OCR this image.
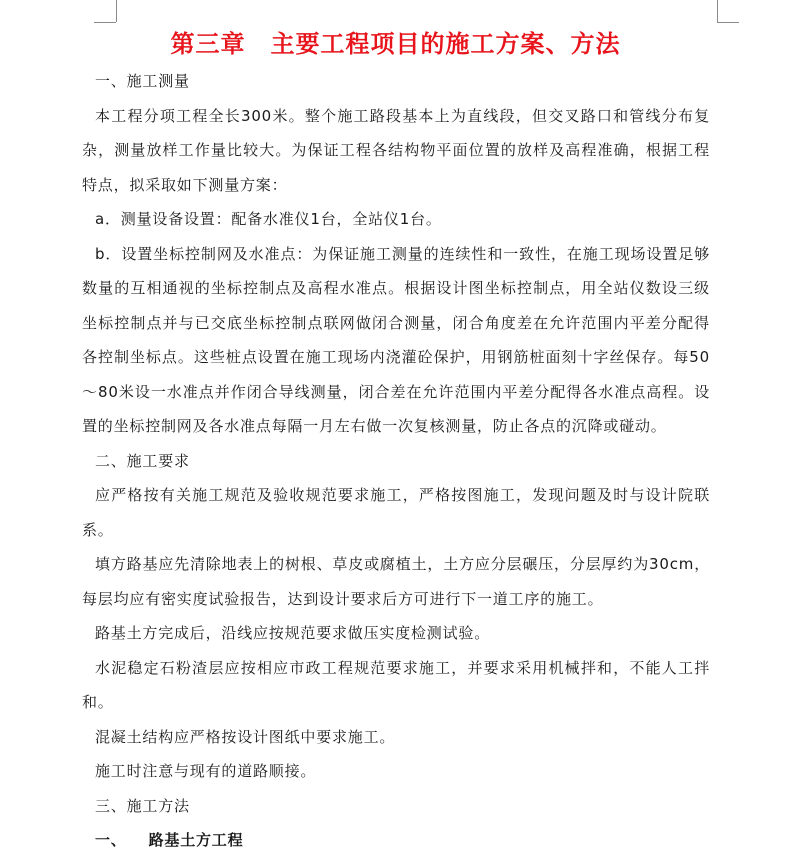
第三章　主要工程项目的施工方案、方法

一、施工测量

本工程分项工程全长300米。整个施工路段基本上为直线段，但交叉路口和管线分布复杂，测量放样工作量比较大。为保证工程各结构物平面位置的放样及高程准确，根据工程特点，拟采取如下测量方案：

a．测量设备设置：配备水准仪1台，全站仪1台。

b．设置坐标控制网及水准点：为保证施工测量的连续性和一致性，在施工现场设置足够数量的互相通视的坐标控制点及高程水准点。根据设计图坐标控制点，用全站仪数设三级坐标控制点并与已交底坐标控制点联网做闭合测量，闭合角度差在允许范围内平差分配得各控制坐标点。这些桩点设置在施工现场内浇灌砼保护，用钢筋桩面刻十字丝保存。每50～80米设一水准点并作闭合导线测量，闭合差在允许范围内平差分配得各水准点高程。设置的坐标控制网及各水准点每隔一月左右做一次复核测量，防止各点的沉降或碰动。

二、施工要求

应严格按有关施工规范及验收规范要求施工，严格按图施工，发现问题及时与设计院联系。

填方路基应先清除地表上的树根、草皮或腐植土，土方应分层碾压，分层厚约为30cm，每层均应有密实度试验报告，达到设计要求后方可进行下一道工序的施工。

路基土方完成后，沿线应按规范要求做压实度检测试验。

水泥稳定石粉渣层应按相应市政工程规范要求施工，并要求采用机械拌和，不能人工拌和。

混凝土结构应严格按设计图纸中要求施工。

施工时注意与现有的道路顺接。

三、施工方法

一、 路基土方工程
